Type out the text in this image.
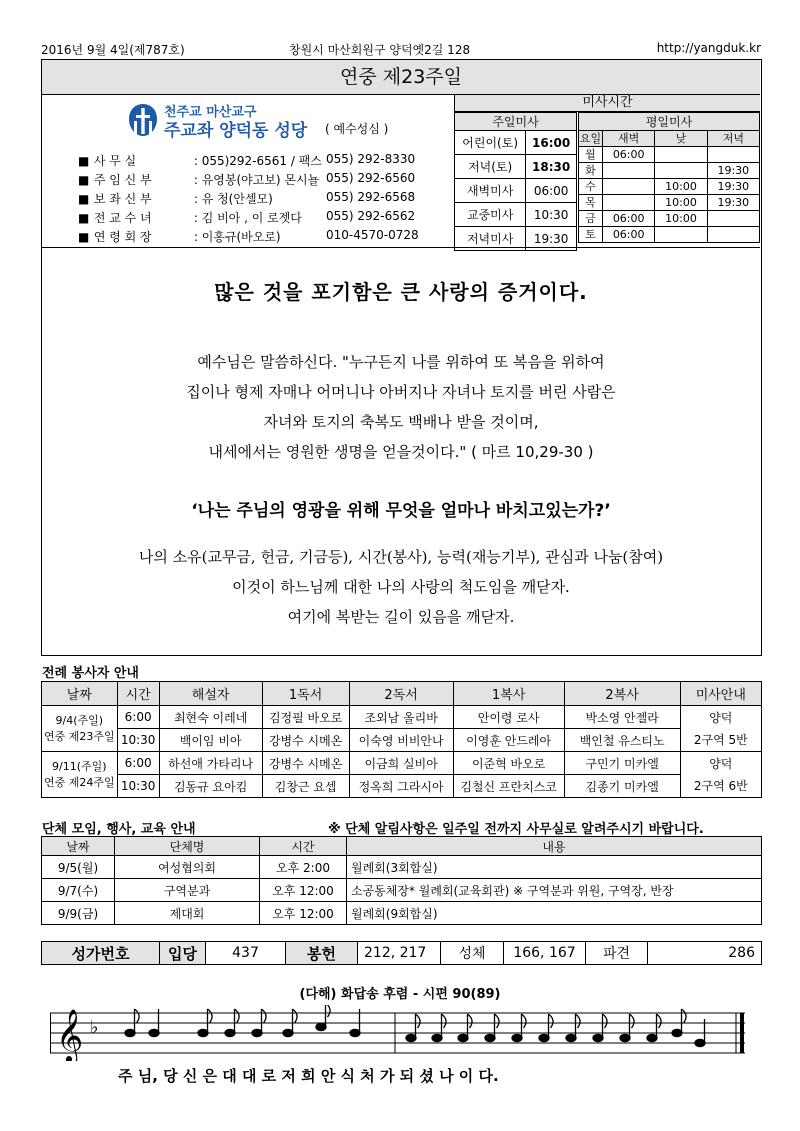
2016년 9월 4일(제787호)	창원시 마산회원구 양덕옛2길 128	http://yangduk.kr
연중 제23주일
천주교 마산교구
주교좌 양덕동 성당 ( 예수성심 )
■ 사 무 실	: 055)292-6561 / 팩스 055) 292-8330
■ 주 임 신 부	: 유영봉(야고보) 몬시뇰 055) 292-6560
■ 보 좌 신 부	: 유 청(안셀모)	055) 292-6568
■ 전 교 수 녀	: 김 비아 , 이 로젯다 055) 292-6562
■ 연 령 회 장	: 이홍규(바오로)	010-4570-0728
미사시간
주일미사	
어린이(토)	16:00
저녁(토)	18:30
새벽미사	06:00
교중미사	10:30
저녁미사	19:30
평일미사			
요일	새벽	낮	저녁
월	06:00		
화			19:30
수		10:00	19:30
목		10:00	19:30
금	06:00	10:00	
토	06:00		
많은 것을 포기함은 큰 사랑의 증거이다.
예수님은 말씀하신다. "누구든지 나를 위하여 또 복음을 위하여
집이나 형제 자매나 어머니나 아버지나 자녀나 토지를 버린 사람은
자녀와 토지의 축복도 백배나 받을 것이며,
내세에서는 영원한 생명을 얻을것이다." ( 마르 10,29-30 )
‘나는 주님의 영광을 위해 무엇을 얼마나 바치고있는가?’
나의 소유(교무금, 헌금, 기금등), 시간(봉사), 능력(재능기부), 관심과 나눔(참여)
이것이 하느님께 대한 나의 사랑의 척도임을 깨닫자.
여기에 복받는 길이 있음을 깨닫자.
전례 봉사자 안내
날짜	시간	해설자	1독서	2독서	1복사	2복사	미사안내
9/4(주일)
연중 제23주일	6:00	최현숙 이레네	김정필 바오로	조외남 올리바	안이령 로사	박소영 안젤라	양덕
2구역 5반
	10:30	백이임 비아	강병수 시메온	이숙영 비비안나	이영훈 안드레아	백인철 유스티노	
9/11(주일)
연중 제24주일	6:00	하선애 가타리나	강병수 시메온	이금희 실비아	이준혁 바오로	구민기 미카엘	양덕
2구역 6반
	10:30	김동규 요아킴	김창근 요셉	정옥희 그라시아	김철신 프란치스코	김종기 미카엘	
단체 모임, 행사, 교육 안내	※ 단체 알림사항은 일주일 전까지 사무실로 알려주시기 바랍니다.
날짜	단체명	시간	내용
9/5(월)	여성협의회	오후 2:00	월례회(3회합실)
9/7(수)	구역분과	오후 12:00	소공동체장* 월례회(교육회관) ※ 구역분과 위원, 구역장, 반장
9/9(금)	제대회	오후 12:00	월례회(9회합실)
성가번호	입당	437	봉헌	212, 217	성체	166, 167	파견	286
(다해) 화답송 후렴 - 시편 90(89)
𝄞 ♭
주 님, 당 신 은 대 대 로 저 희 안 식 처 가 되 셨 나 이 다.
